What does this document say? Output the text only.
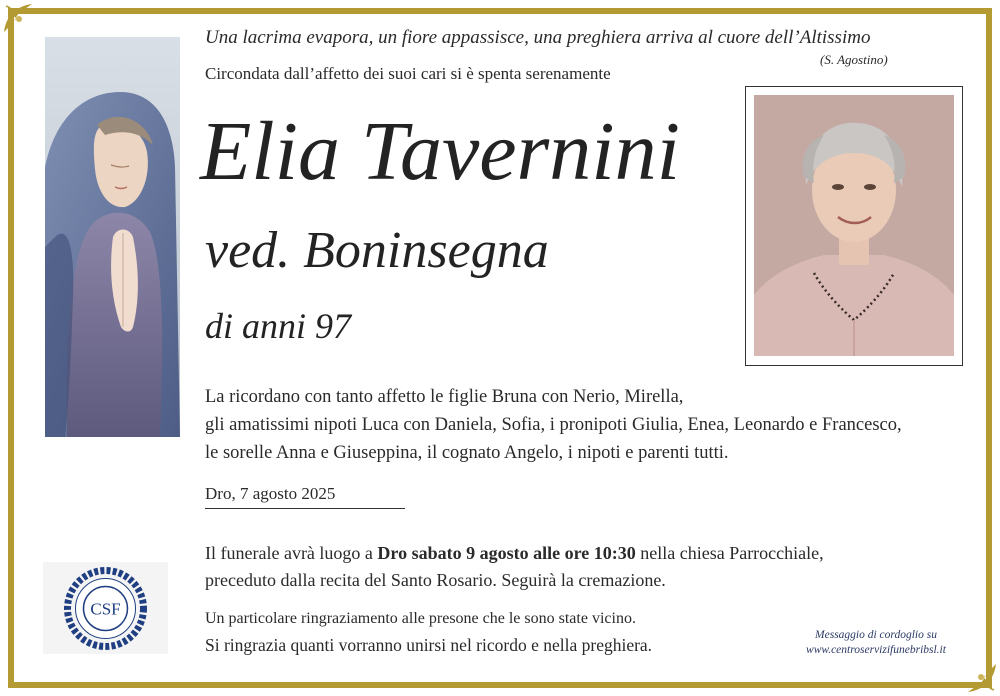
Una lacrima evapora, un fiore appassisce, una preghiera arriva al cuore dell’Altissimo
(S. Agostino)
Circondata dall’affetto dei suoi cari si è spenta serenamente
Elia Tavernini
ved. Boninsegna
di anni 97
La ricordano con tanto affetto le figlie Bruna con Nerio, Mirella,
gli amatissimi nipoti Luca con Daniela, Sofia, i pronipoti Giulia, Enea, Leonardo e Francesco,
le sorelle Anna e Giuseppina, il cognato Angelo, i nipoti e parenti tutti.
Dro, 7 agosto 2025
Il funerale avrà luogo a Dro sabato 9 agosto alle ore 10:30 nella chiesa Parrocchiale,
preceduto dalla recita del Santo Rosario. Seguirà la cremazione.
Un particolare ringraziamento alle presone che le sono state vicino.
Si ringrazia quanti vorranno unirsi nel ricordo e nella preghiera.
CSF
Messaggio di cordoglio su
www.centroservizifunebribsl.it
